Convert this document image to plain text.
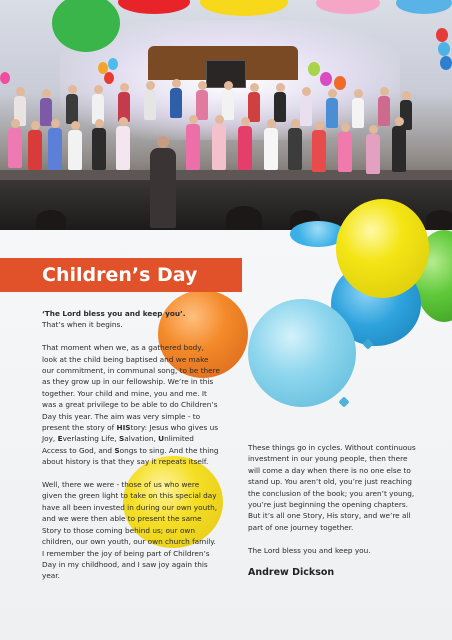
Children’s Day

‘The Lord bless you and keep you’.
That’s when it begins.

That moment when we, as a gathered body, look at the child being baptised and we make our commitment, in communal song, to be there as they grow up in our fellowship. We’re in this together. Your child and mine, you and me. It was a great privilege to be able to do Children’s Day this year. The aim was very simple - to present the story of HIStory: Jesus who gives us Joy, Everlasting Life, Salvation, Unlimited Access to God, and Songs to sing. And the thing about history is that they say it repeats itself.

Well, there we were - those of us who were given the green light to take on this special day have all been invested in during our own youth, and we were then able to present the same Story to those coming behind us; our own children, our own youth, our own church family. I remember the joy of being part of Children’s Day in my childhood, and I saw joy again this year.

These things go in cycles. Without continuous investment in our young people, then there will come a day when there is no one else to stand up. You aren’t old, you’re just reaching the conclusion of the book; you aren’t young, you’re just beginning the opening chapters. But it’s all one Story, His story, and we’re all part of one journey together.

The Lord bless you and keep you.

Andrew Dickson
